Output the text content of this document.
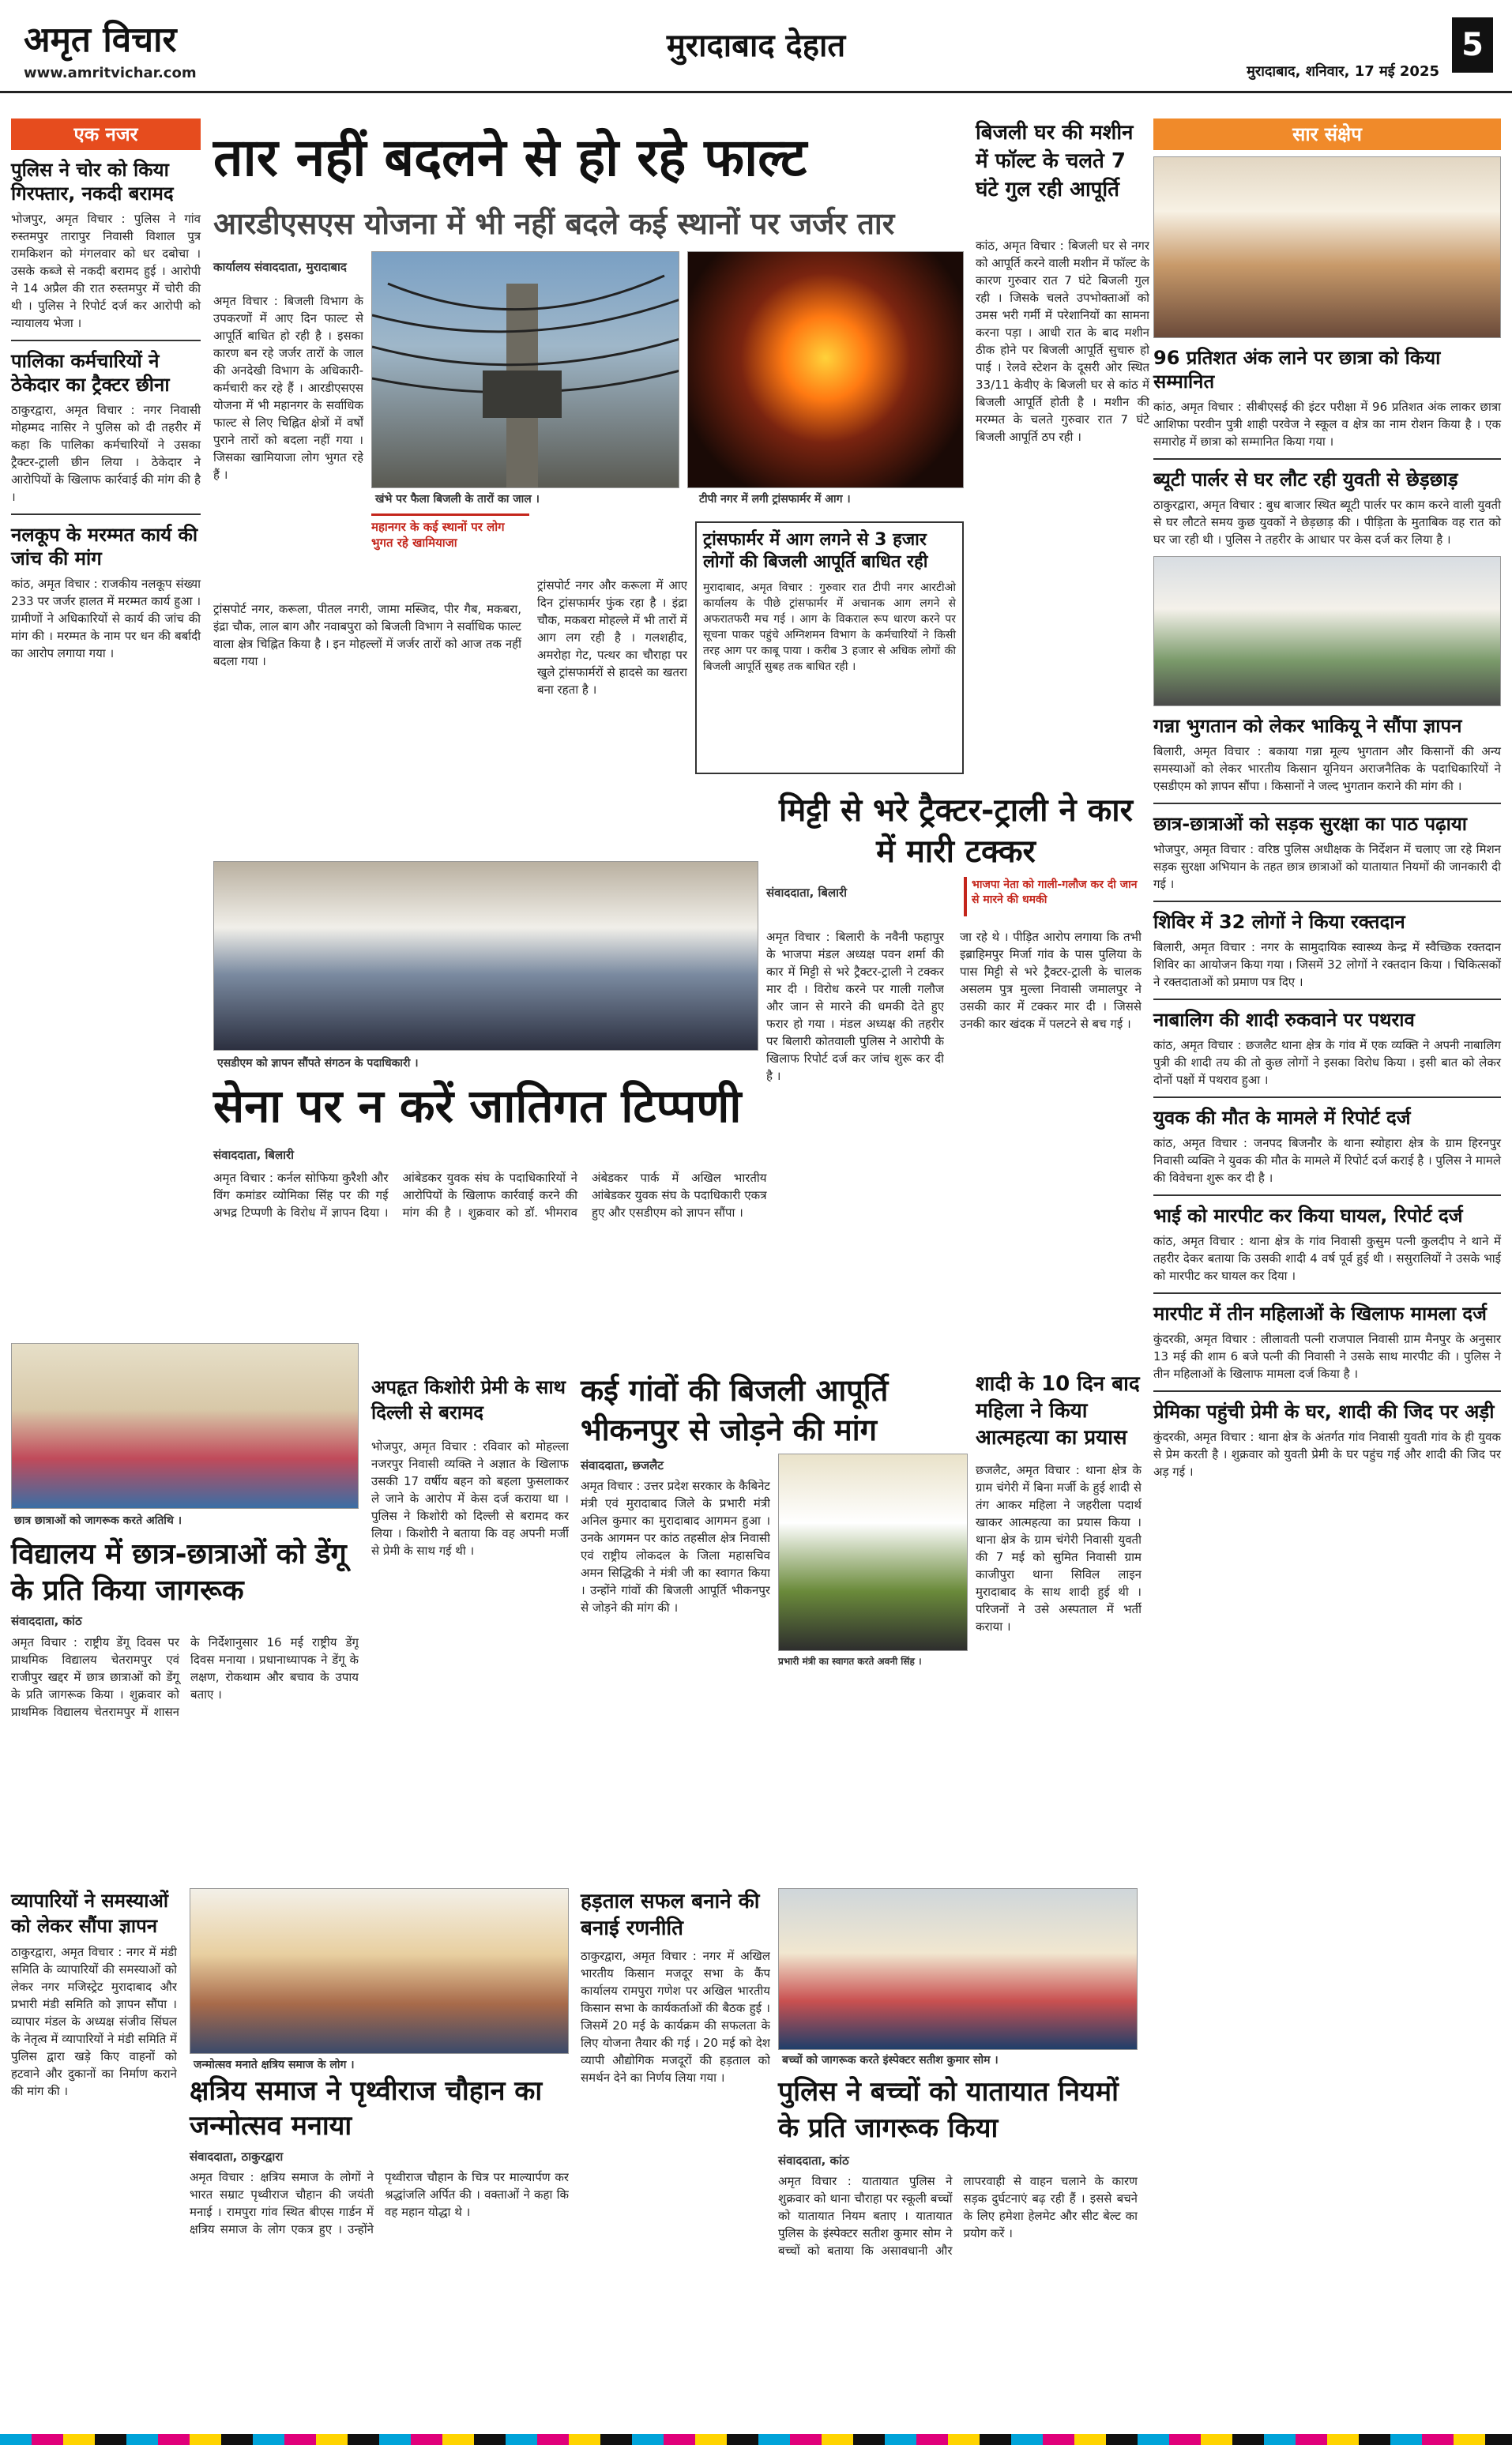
अमृत विचार
www.amritvichar.com
मुरादाबाद देहात
मुरादाबाद, शनिवार, 17 मई 2025
5
एक नजर
पुलिस ने चोर को किया गिरफ्तार, नकदी बरामद
भोजपुर, अमृत विचार : पुलिस ने गांव रुस्तमपुर तारापुर निवासी विशाल पुत्र रामकिशन को मंगलवार को धर दबोचा । उसके कब्जे से नकदी बरामद हुई । आरोपी ने 14 अप्रैल की रात रुस्तमपुर में चोरी की थी । पुलिस ने रिपोर्ट दर्ज कर आरोपी को न्यायालय भेजा ।
पालिका कर्मचारियों ने ठेकेदार का ट्रैक्टर छीना
ठाकुरद्वारा, अमृत विचार : नगर निवासी मोहम्मद नासिर ने पुलिस को दी तहरीर में कहा कि पालिका कर्मचारियों ने उसका ट्रैक्टर-ट्राली छीन लिया । ठेकेदार ने आरोपियों के खिलाफ कार्रवाई की मांग की है ।
नलकूप के मरम्मत कार्य की जांच की मांग
कांठ, अमृत विचार : राजकीय नलकूप संख्या 233 पर जर्जर हालत में मरम्मत कार्य हुआ । ग्रामीणों ने अधिकारियों से कार्य की जांच की मांग की । मरम्मत के नाम पर धन की बर्बादी का आरोप लगाया गया ।
तार नहीं बदलने से हो रहे फाल्ट
आरडीएसएस योजना में भी नहीं बदले कई स्थानों पर जर्जर तार
कार्यालय संवाददाता, मुरादाबाद
खंभे पर फैला बिजली के तारों का जाल ।	टीपी नगर में लगी ट्रांसफार्मर में आग ।
अमृत विचार : बिजली विभाग के उपकरणों में आए दिन फाल्ट से आपूर्ति बाधित हो रही है । इसका कारण बन रहे जर्जर तारों के जाल की अनदेखी विभाग के अधिकारी-कर्मचारी कर रहे हैं । आरडीएसएस योजना में भी महानगर के सर्वाधिक फाल्ट से लिए चिह्नित क्षेत्रों में वर्षों पुराने तारों को बदला नहीं गया । जिसका खामियाजा लोग भुगत रहे हैं ।
महानगर के कई स्थानों पर लोग भुगत रहे खामियाजा
ट्रांसपोर्ट नगर, करूला, पीतल नगरी, जामा मस्जिद, पीर गैब, मकबरा, इंद्रा चौक, लाल बाग और नवाबपुरा को बिजली विभाग ने सर्वाधिक फाल्ट वाला क्षेत्र चिह्नित किया है । इन मोहल्लों में जर्जर तारों को आज तक नहीं बदला गया ।
ट्रांसपोर्ट नगर और करूला में आए दिन ट्रांसफार्मर फुंक रहा है । इंद्रा चौक, मकबरा मोहल्ले में भी तारों में आग लग रही है । गलशहीद, अमरोहा गेट, पत्थर का चौराहा पर खुले ट्रांसफार्मरों से हादसे का खतरा बना रहता है ।
ट्रांसफार्मर में आग लगने से 3 हजार लोगों की बिजली आपूर्ति बाधित रही
मुरादाबाद, अमृत विचार : गुरुवार रात टीपी नगर आरटीओ कार्यालय के पीछे ट्रांसफार्मर में अचानक आग लगने से अफरातफरी मच गई । आग के विकराल रूप धारण करने पर सूचना पाकर पहुंचे अग्निशमन विभाग के कर्मचारियों ने किसी तरह आग पर काबू पाया । करीब 3 हजार से अधिक लोगों की बिजली आपूर्ति सुबह तक बाधित रही ।
एसडीएम को ज्ञापन सौंपते संगठन के पदाधिकारी ।
सेना पर न करें जातिगत टिप्पणी
संवाददाता, बिलारी
अमृत विचार : कर्नल सोफिया कुरैशी और विंग कमांडर व्योमिका सिंह पर की गई अभद्र टिप्पणी के विरोध में ज्ञापन दिया । आंबेडकर युवक संघ के पदाधिकारियों ने आरोपियों के खिलाफ कार्रवाई करने की मांग की है । शुक्रवार को डॉ. भीमराव अंबेडकर पार्क में अखिल भारतीय आंबेडकर युवक संघ के पदाधिकारी एकत्र हुए और एसडीएम को ज्ञापन सौंपा ।
छात्र छात्राओं को जागरूक करते अतिथि ।
विद्यालय में छात्र-छात्राओं को डेंगू के प्रति किया जागरूक
संवाददाता, कांठ
अमृत विचार : राष्ट्रीय डेंगू दिवस पर प्राथमिक विद्यालय चेतरामपुर एवं राजीपुर खद्दर में छात्र छात्राओं को डेंगू के प्रति जागरूक किया । शुक्रवार को प्राथमिक विद्यालय चेतरामपुर में शासन के निर्देशानुसार 16 मई राष्ट्रीय डेंगू दिवस मनाया । प्रधानाध्यापक ने डेंगू के लक्षण, रोकथाम और बचाव के उपाय बताए ।
व्यापारियों ने समस्याओं को लेकर सौंपा ज्ञापन
ठाकुरद्वारा, अमृत विचार : नगर में मंडी समिति के व्यापारियों की समस्याओं को लेकर नगर मजिस्ट्रेट मुरादाबाद और प्रभारी मंडी समिति को ज्ञापन सौंपा । व्यापार मंडल के अध्यक्ष संजीव सिंघल के नेतृत्व में व्यापारियों ने मंडी समिति में पुलिस द्वारा खड़े किए वाहनों को हटवाने और दुकानों का निर्माण कराने की मांग की ।
अपहृत किशोरी प्रेमी के साथ दिल्ली से बरामद
भोजपुर, अमृत विचार : रविवार को मोहल्ला नजरपुर निवासी व्यक्ति ने अज्ञात के खिलाफ उसकी 17 वर्षीय बहन को बहला फुसलाकर ले जाने के आरोप में केस दर्ज कराया था । पुलिस ने किशोरी को दिल्ली से बरामद कर लिया । किशोरी ने बताया कि वह अपनी मर्जी से प्रेमी के साथ गई थी ।
जन्मोत्सव मनाते क्षत्रिय समाज के लोग ।
क्षत्रिय समाज ने पृथ्वीराज चौहान का जन्मोत्सव मनाया
संवाददाता, ठाकुरद्वारा
अमृत विचार : क्षत्रिय समाज के लोगों ने भारत सम्राट पृथ्वीराज चौहान की जयंती मनाई । रामपुरा गांव स्थित बीएस गार्डन में क्षत्रिय समाज के लोग एकत्र हुए । उन्होंने पृथ्वीराज चौहान के चित्र पर माल्यार्पण कर श्रद्धांजलि अर्पित की । वक्ताओं ने कहा कि वह महान योद्धा थे ।
कई गांवों की बिजली आपूर्ति भीकनपुर से जोड़ने की मांग
संवाददाता, छजलैट
प्रभारी मंत्री का स्वागत करते अवनी सिंह ।
अमृत विचार : उत्तर प्रदेश सरकार के कैबिनेट मंत्री एवं मुरादाबाद जिले के प्रभारी मंत्री अनिल कुमार का मुरादाबाद आगमन हुआ । उनके आगमन पर कांठ तहसील क्षेत्र निवासी एवं राष्ट्रीय लोकदल के जिला महासचिव अमन सिद्धिकी ने मंत्री जी का स्वागत किया । उन्होंने गांवों की बिजली आपूर्ति भीकनपुर से जोड़ने की मांग की ।
हड़ताल सफल बनाने की बनाई रणनीति
ठाकुरद्वारा, अमृत विचार : नगर में अखिल भारतीय किसान मजदूर सभा के कैंप कार्यालय रामपुरा गणेश पर अखिल भारतीय किसान सभा के कार्यकर्ताओं की बैठक हुई । जिसमें 20 मई के कार्यक्रम की सफलता के लिए योजना तैयार की गई । 20 मई को देश व्यापी औद्योगिक मजदूरों की हड़ताल को समर्थन देने का निर्णय लिया गया ।
बच्चों को जागरूक करते इंस्पेक्टर सतीश कुमार सोम ।
पुलिस ने बच्चों को यातायात नियमों के प्रति जागरूक किया
संवाददाता, कांठ
अमृत विचार : यातायात पुलिस ने शुक्रवार को थाना चौराहा पर स्कूली बच्चों को यातायात नियम बताए । यातायात पुलिस के इंस्पेक्टर सतीश कुमार सोम ने बच्चों को बताया कि असावधानी और लापरवाही से वाहन चलाने के कारण सड़क दुर्घटनाएं बढ़ रही हैं । इससे बचने के लिए हमेशा हेलमेट और सीट बेल्ट का प्रयोग करें ।
बिजली घर की मशीन में फॉल्ट के चलते 7 घंटे गुल रही आपूर्ति
कांठ, अमृत विचार : बिजली घर से नगर को आपूर्ति करने वाली मशीन में फॉल्ट के कारण गुरुवार रात 7 घंटे बिजली गुल रही । जिसके चलते उपभोक्ताओं को उमस भरी गर्मी में परेशानियों का सामना करना पड़ा । आधी रात के बाद मशीन ठीक होने पर बिजली आपूर्ति सुचारु हो पाई । रेलवे स्टेशन के दूसरी ओर स्थित 33/11 केवीए के बिजली घर से कांठ में बिजली आपूर्ति होती है । मशीन की मरम्मत के चलते गुरुवार रात 7 घंटे बिजली आपूर्ति ठप रही ।
मिट्टी से भरे ट्रैक्टर-ट्राली ने कार में मारी टक्कर
संवाददाता, बिलारी
भाजपा नेता को गाली-गलौज कर दी जान से मारने की धमकी
अमृत विचार : बिलारी के नवैनी फहापुर के भाजपा मंडल अध्यक्ष पवन शर्मा की कार में मिट्टी से भरे ट्रैक्टर-ट्राली ने टक्कर मार दी । विरोध करने पर गाली गलौज और जान से मारने की धमकी देते हुए फरार हो गया । मंडल अध्यक्ष की तहरीर पर बिलारी कोतवाली पुलिस ने आरोपी के खिलाफ रिपोर्ट दर्ज कर जांच शुरू कर दी है ।
जा रहे थे । पीड़ित आरोप लगाया कि तभी इब्राहिमपुर मिर्जा गांव के पास पुलिया के पास मिट्टी से भरे ट्रैक्टर-ट्राली के चालक असलम पुत्र मुल्ला निवासी जमालपुर ने उसकी कार में टक्कर मार दी । जिससे उनकी कार खंदक में पलटने से बच गई ।
शादी के 10 दिन बाद महिला ने किया आत्महत्या का प्रयास
छजलैट, अमृत विचार : थाना क्षेत्र के ग्राम चंगेरी में बिना मर्जी के हुई शादी से तंग आकर महिला ने जहरीला पदार्थ खाकर आत्महत्या का प्रयास किया । थाना क्षेत्र के ग्राम चंगेरी निवासी युवती की 7 मई को सुमित निवासी ग्राम काजीपुरा थाना सिविल लाइन मुरादाबाद के साथ शादी हुई थी । परिजनों ने उसे अस्पताल में भर्ती कराया ।
सार संक्षेप
96 प्रतिशत अंक लाने पर छात्रा को किया सम्मानित
कांठ, अमृत विचार : सीबीएसई की इंटर परीक्षा में 96 प्रतिशत अंक लाकर छात्रा आशिफा परवीन पुत्री शाही परवेज ने स्कूल व क्षेत्र का नाम रोशन किया है । एक समारोह में छात्रा को सम्मानित किया गया ।
ब्यूटी पार्लर से घर लौट रही युवती से छेड़छाड़
ठाकुरद्वारा, अमृत विचार : बुध बाजार स्थित ब्यूटी पार्लर पर काम करने वाली युवती से घर लौटते समय कुछ युवकों ने छेड़छाड़ की । पीड़िता के मुताबिक वह रात को घर जा रही थी । पुलिस ने तहरीर के आधार पर केस दर्ज कर लिया है ।
गन्ना भुगतान को लेकर भाकियू ने सौंपा ज्ञापन
बिलारी, अमृत विचार : बकाया गन्ना मूल्य भुगतान और किसानों की अन्य समस्याओं को लेकर भारतीय किसान यूनियन अराजनैतिक के पदाधिकारियों ने एसडीएम को ज्ञापन सौंपा । किसानों ने जल्द भुगतान कराने की मांग की ।
छात्र-छात्राओं को सड़क सुरक्षा का पाठ पढ़ाया
भोजपुर, अमृत विचार : वरिष्ठ पुलिस अधीक्षक के निर्देशन में चलाए जा रहे मिशन सड़क सुरक्षा अभियान के तहत छात्र छात्राओं को यातायात नियमों की जानकारी दी गई ।
शिविर में 32 लोगों ने किया रक्तदान
बिलारी, अमृत विचार : नगर के सामुदायिक स्वास्थ्य केन्द्र में स्वैच्छिक रक्तदान शिविर का आयोजन किया गया । जिसमें 32 लोगों ने रक्तदान किया । चिकित्सकों ने रक्तदाताओं को प्रमाण पत्र दिए ।
नाबालिग की शादी रुकवाने पर पथराव
कांठ, अमृत विचार : छजलैट थाना क्षेत्र के गांव में एक व्यक्ति ने अपनी नाबालिग पुत्री की शादी तय की तो कुछ लोगों ने इसका विरोध किया । इसी बात को लेकर दोनों पक्षों में पथराव हुआ ।
युवक की मौत के मामले में रिपोर्ट दर्ज
कांठ, अमृत विचार : जनपद बिजनौर के थाना स्योहारा क्षेत्र के ग्राम हिरनपुर निवासी व्यक्ति ने युवक की मौत के मामले में रिपोर्ट दर्ज कराई है । पुलिस ने मामले की विवेचना शुरू कर दी है ।
भाई को मारपीट कर किया घायल, रिपोर्ट दर्ज
कांठ, अमृत विचार : थाना क्षेत्र के गांव निवासी कुसुम पत्नी कुलदीप ने थाने में तहरीर देकर बताया कि उसकी शादी 4 वर्ष पूर्व हुई थी । ससुरालियों ने उसके भाई को मारपीट कर घायल कर दिया ।
मारपीट में तीन महिलाओं के खिलाफ मामला दर्ज
कुंदरकी, अमृत विचार : लीलावती पत्नी राजपाल निवासी ग्राम मैनपुर के अनुसार 13 मई की शाम 6 बजे पत्नी की निवासी ने उसके साथ मारपीट की । पुलिस ने तीन महिलाओं के खिलाफ मामला दर्ज किया है ।
प्रेमिका पहुंची प्रेमी के घर, शादी की जिद पर अड़ी
कुंदरकी, अमृत विचार : थाना क्षेत्र के अंतर्गत गांव निवासी युवती गांव के ही युवक से प्रेम करती है । शुक्रवार को युवती प्रेमी के घर पहुंच गई और शादी की जिद पर अड़ गई ।
